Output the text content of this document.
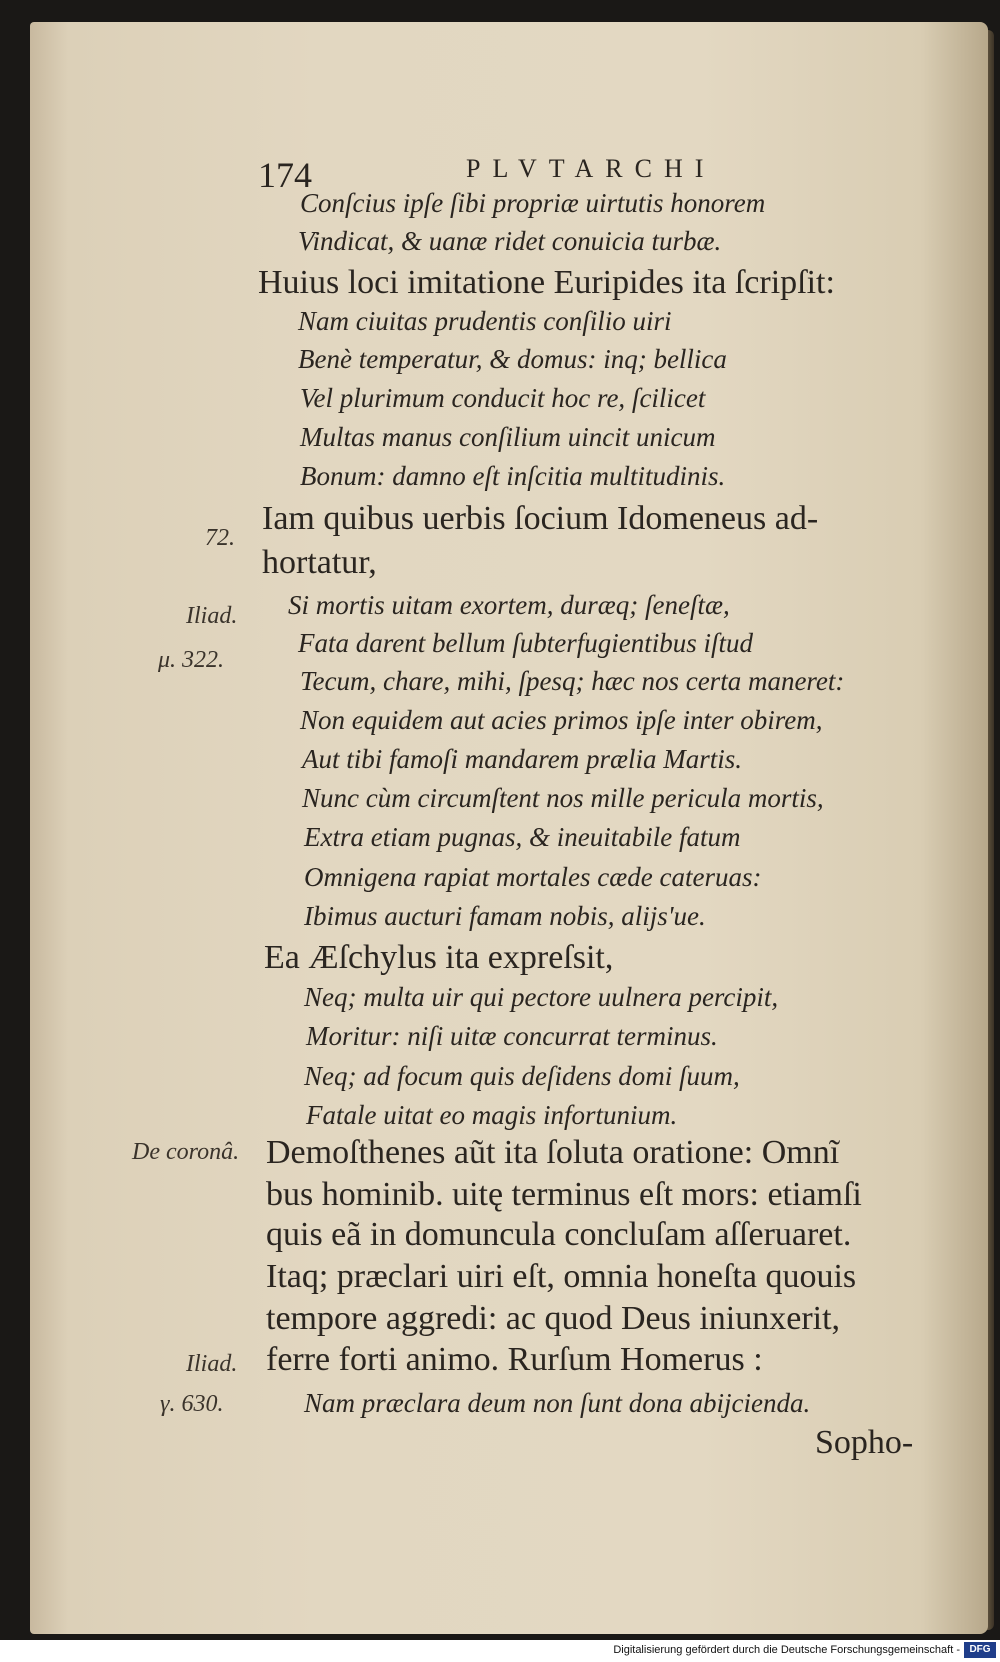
174	PLVTARCHI
Conſcius ipſe ſibi propriæ uirtutis honorem
Vindicat, & uanæ ridet conuicia turbæ.
Huius loci imitatione Euripides ita ſcripſit:
Nam ciuitas prudentis conſilio uiri
Benè temperatur, & domus: inq; bellica
Vel plurimum conducit hoc re, ſcilicet
Multas manus conſilium uincit unicum
Bonum: damno eſt inſcitia multitudinis.
Iam quibus uerbis ſocium Idomeneus ad-
hortatur,
Si mortis uitam exortem, duræq; ſeneſtæ,
Fata darent bellum ſubterfugientibus iſtud
Tecum, chare, mihi, ſpesq; hæc nos certa maneret:
Non equidem aut acies primos ipſe inter obirem,
Aut tibi famoſi mandarem prælia Martis.
Nunc cùm circumſtent nos mille pericula mortis,
Extra etiam pugnas, & ineuitabile fatum
Omnigena rapiat mortales cæde cateruas:
Ibimus aucturi famam nobis, alijs'ue.
Ea Æſchylus ita expreſsit,
Neq; multa uir qui pectore uulnera percipit,
Moritur: niſi uitæ concurrat terminus.
Neq; ad focum quis deſidens domi ſuum,
Fatale uitat eo magis infortunium.
Demoſthenes aũt ita ſoluta oratione: Omnĩ
bus hominib. uitę terminus eſt mors: etiamſi
quis eã in domuncula concluſam aſſeruaret.
Itaq; præclari uiri eſt, omnia honeſta quouis
tempore aggredi: ac quod Deus iniunxerit,
ferre forti animo. Rurſum Homerus :
Nam præclara deum non ſunt dona abijcienda.
Sopho-
72.
Iliad.
μ. 322.
De coronâ.
Iliad.
γ. 630.
Digitalisierung gefördert durch die Deutsche Forschungsgemeinschaft - DFG
